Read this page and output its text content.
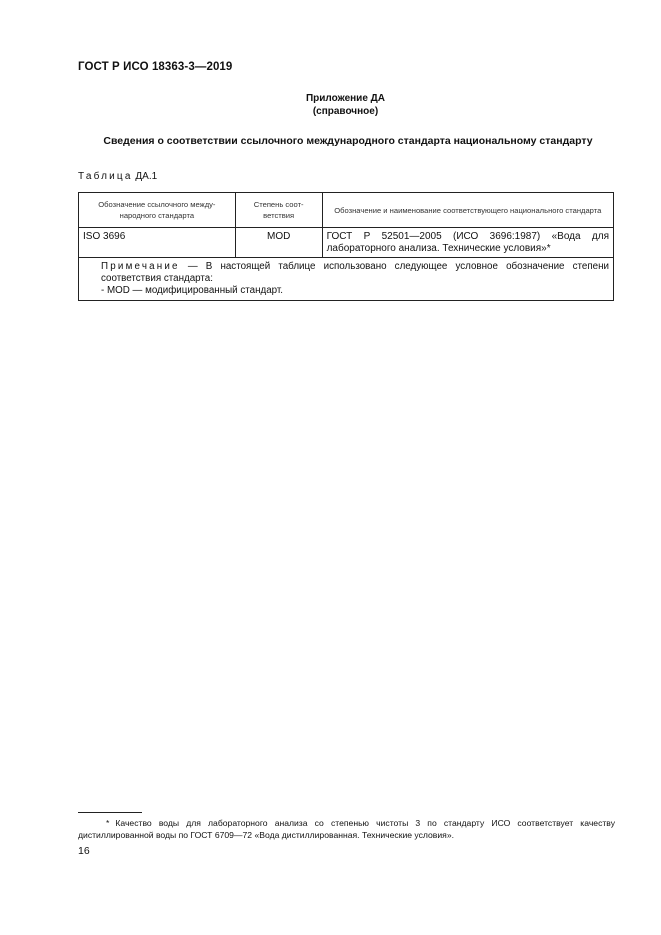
ГОСТ Р ИСО 18363-3—2019
Приложение ДА
(справочное)
Сведения о соответствии ссылочного международного стандарта национальному стандарту
Таблица ДА.1
Обозначение ссылочного между-народного стандарта	Степень соот-ветствия	Обозначение и наименование соответствующего национального стандарта
ISO 3696	MOD	ГОСТ Р 52501—2005 (ИСО 3696:1987) «Вода для лабораторного анализа. Технические условия»*

Примечание — В настоящей таблице использовано следующее условное обозначение степени соответствия стандарта:
- MOD — модифицированный стандарт.		
* Качество воды для лабораторного анализа со степенью чистоты 3 по стандарту ИСО соответствует качеству дистиллированной воды по ГОСТ 6709—72 «Вода дистиллированная. Технические условия».
16
